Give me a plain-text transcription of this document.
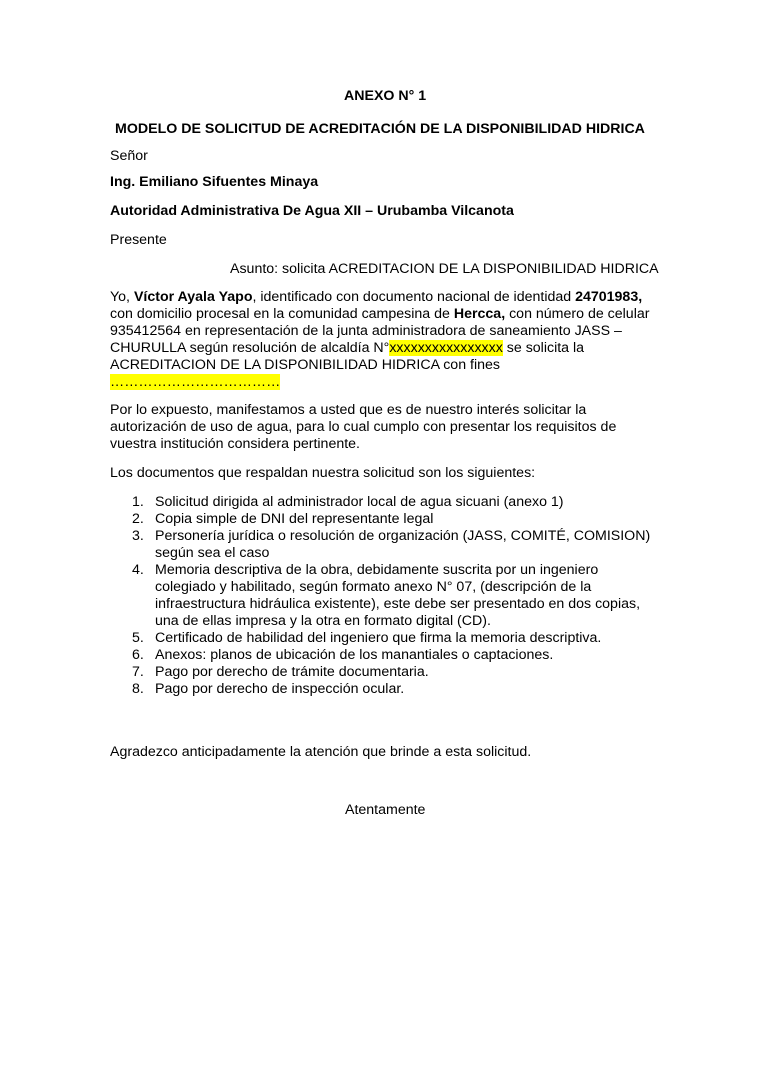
ANEXO N° 1
MODELO DE SOLICITUD DE ACREDITACIÓN DE LA DISPONIBILIDAD HIDRICA
Señor
Ing. Emiliano Sifuentes Minaya
Autoridad Administrativa De Agua XII – Urubamba Vilcanota
Presente
Asunto: solicita ACREDITACION DE LA DISPONIBILIDAD HIDRICA
Yo, Víctor Ayala Yapo, identificado con documento nacional de identidad 24701983,
con domicilio procesal en la comunidad campesina de Hercca, con número de celular
935412564 en representación de la junta administradora de saneamiento JASS –
CHURULLA según resolución de alcaldía N°xxxxxxxxxxxxxxxx se solicita la
ACREDITACION DE LA DISPONIBILIDAD HIDRICA con fines
………………………………
Por lo expuesto, manifestamos a usted que es de nuestro interés solicitar la
autorización de uso de agua, para lo cual cumplo con presentar los requisitos de
vuestra institución considera pertinente.
Los documentos que respaldan nuestra solicitud son los siguientes:
1. Solicitud dirigida al administrador local de agua sicuani (anexo 1)
2. Copia simple de DNI del representante legal
3. Personería jurídica o resolución de organización (JASS, COMITÉ, COMISION)
según sea el caso
4. Memoria descriptiva de la obra, debidamente suscrita por un ingeniero
colegiado y habilitado, según formato anexo N° 07, (descripción de la
infraestructura hidráulica existente), este debe ser presentado en dos copias,
una de ellas impresa y la otra en formato digital (CD).
5. Certificado de habilidad del ingeniero que firma la memoria descriptiva.
6. Anexos: planos de ubicación de los manantiales o captaciones.
7. Pago por derecho de trámite documentaria.
8. Pago por derecho de inspección ocular.
Agradezco anticipadamente la atención que brinde a esta solicitud.
Atentamente
